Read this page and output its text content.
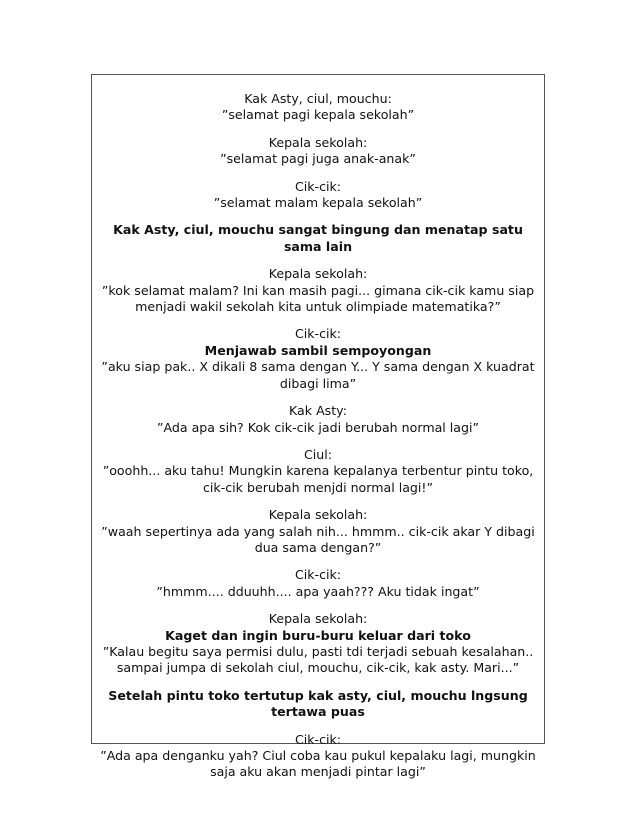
Kak Asty, ciul, mouchu:
”selamat pagi kepala sekolah”
Kepala sekolah:
”selamat pagi juga anak-anak”
Cik-cik:
”selamat malam kepala sekolah”
Kak Asty, ciul, mouchu sangat bingung dan menatap satu sama lain
Kepala sekolah:
”kok selamat malam? Ini kan masih pagi... gimana cik-cik kamu siap menjadi wakil sekolah kita untuk olimpiade matematika?”
Cik-cik:
Menjawab sambil sempoyongan
”aku siap pak.. X dikali 8 sama dengan Y... Y sama dengan X kuadrat dibagi lima”
Kak Asty:
”Ada apa sih? Kok cik-cik jadi berubah normal lagi”
Ciul:
”ooohh... aku tahu! Mungkin karena kepalanya terbentur pintu toko, cik-cik berubah menjdi normal lagi!”
Kepala sekolah:
”waah sepertinya ada yang salah nih... hmmm.. cik-cik akar Y dibagi dua sama dengan?”
Cik-cik:
”hmmm.... dduuhh.... apa yaah??? Aku tidak ingat”
Kepala sekolah:
Kaget dan ingin buru-buru keluar dari toko
”Kalau begitu saya permisi dulu, pasti tdi terjadi sebuah kesalahan.. sampai jumpa di sekolah ciul, mouchu, cik-cik, kak asty. Mari...”
Setelah pintu toko tertutup kak asty, ciul, mouchu lngsung tertawa puas
Cik-cik:
”Ada apa denganku yah? Ciul coba kau pukul kepalaku lagi, mungkin saja aku akan menjadi pintar lagi”
